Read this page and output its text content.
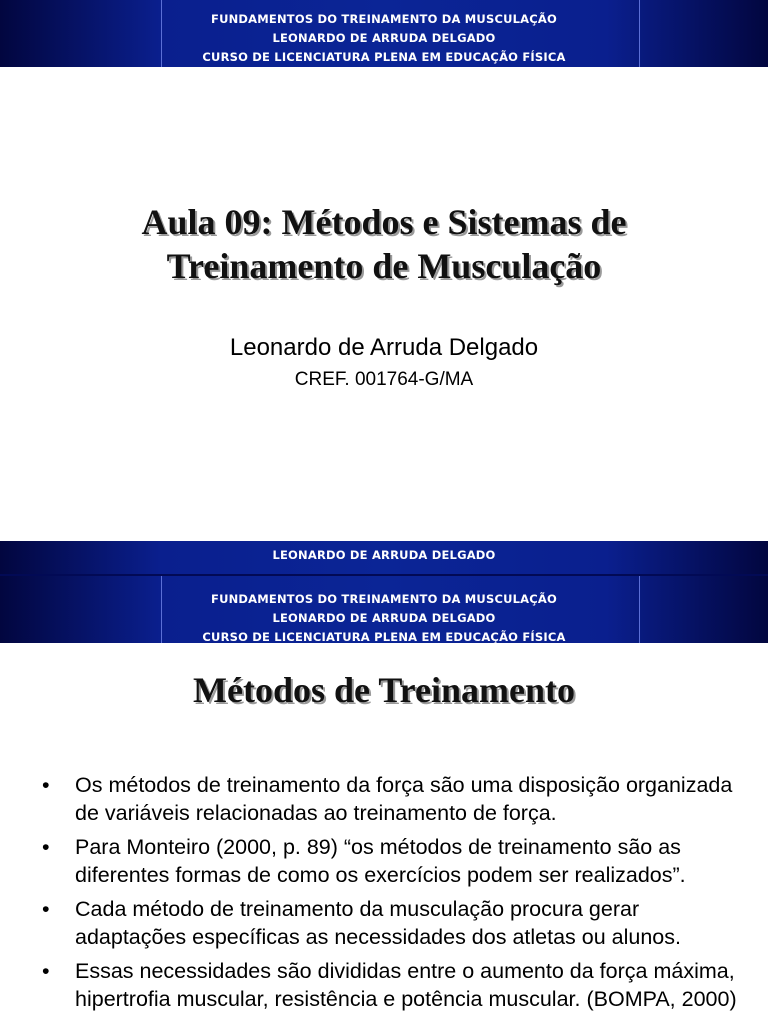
FUNDAMENTOS DO TREINAMENTO DA MUSCULAÇÃO
LEONARDO DE ARRUDA DELGADO
CURSO DE LICENCIATURA PLENA EM EDUCAÇÃO FÍSICA
Aula 09: Métodos e Sistemas de
Treinamento de Musculação
Leonardo de Arruda Delgado
CREF. 001764-G/MA
LEONARDO DE ARRUDA DELGADO
FUNDAMENTOS DO TREINAMENTO DA MUSCULAÇÃO
LEONARDO DE ARRUDA DELGADO
CURSO DE LICENCIATURA PLENA EM EDUCAÇÃO FÍSICA
Métodos de Treinamento
• Os métodos de treinamento da força são uma disposição organizada de variáveis relacionadas ao treinamento de força.
• Para Monteiro (2000, p. 89) “os métodos de treinamento são as diferentes formas de como os exercícios podem ser realizados”.
• Cada método de treinamento da musculação procura gerar adaptações específicas as necessidades dos atletas ou alunos.
• Essas necessidades são divididas entre o aumento da força máxima, hipertrofia muscular, resistência e potência muscular. (BOMPA, 2000)
